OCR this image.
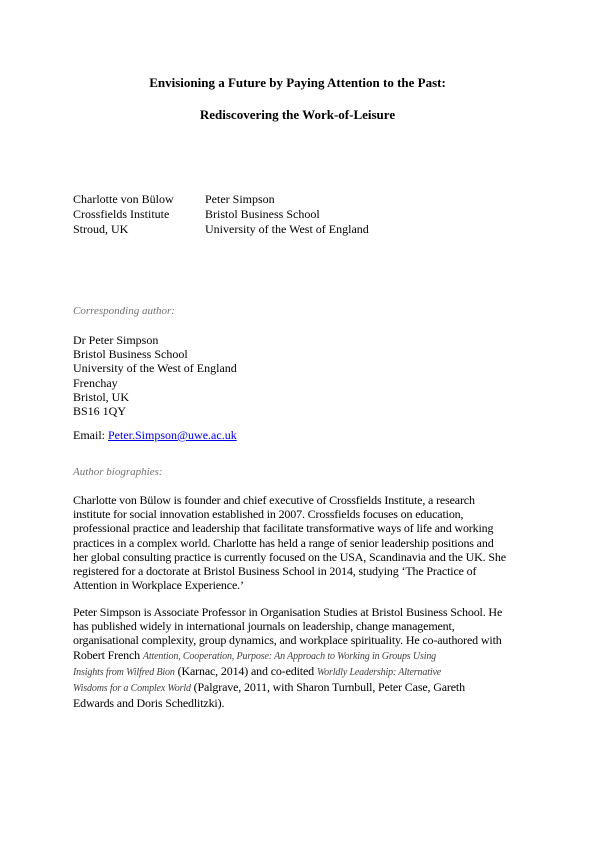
Envisioning a Future by Paying Attention to the Past:
Rediscovering the Work-of-Leisure
Charlotte von Bülow
Crossfields Institute
Stroud, UK
Peter Simpson
Bristol Business School
University of the West of England
Corresponding author:
Dr Peter Simpson
Bristol Business School
University of the West of England
Frenchay
Bristol, UK
BS16 1QY
Email: Peter.Simpson@uwe.ac.uk
Author biographies:
Charlotte von Bülow is founder and chief executive of Crossfields Institute, a research
institute for social innovation established in 2007. Crossfields focuses on education,
professional practice and leadership that facilitate transformative ways of life and working
practices in a complex world. Charlotte has held a range of senior leadership positions and
her global consulting practice is currently focused on the USA, Scandinavia and the UK. She
registered for a doctorate at Bristol Business School in 2014, studying ‘The Practice of
Attention in Workplace Experience.’
Peter Simpson is Associate Professor in Organisation Studies at Bristol Business School. He
has published widely in international journals on leadership, change management,
organisational complexity, group dynamics, and workplace spirituality. He co-authored with
Robert French Attention, Cooperation, Purpose: An Approach to Working in Groups Using
Insights from Wilfred Bion (Karnac, 2014) and co-edited Worldly Leadership: Alternative
Wisdoms for a Complex World (Palgrave, 2011, with Sharon Turnbull, Peter Case, Gareth
Edwards and Doris Schedlitzki).
